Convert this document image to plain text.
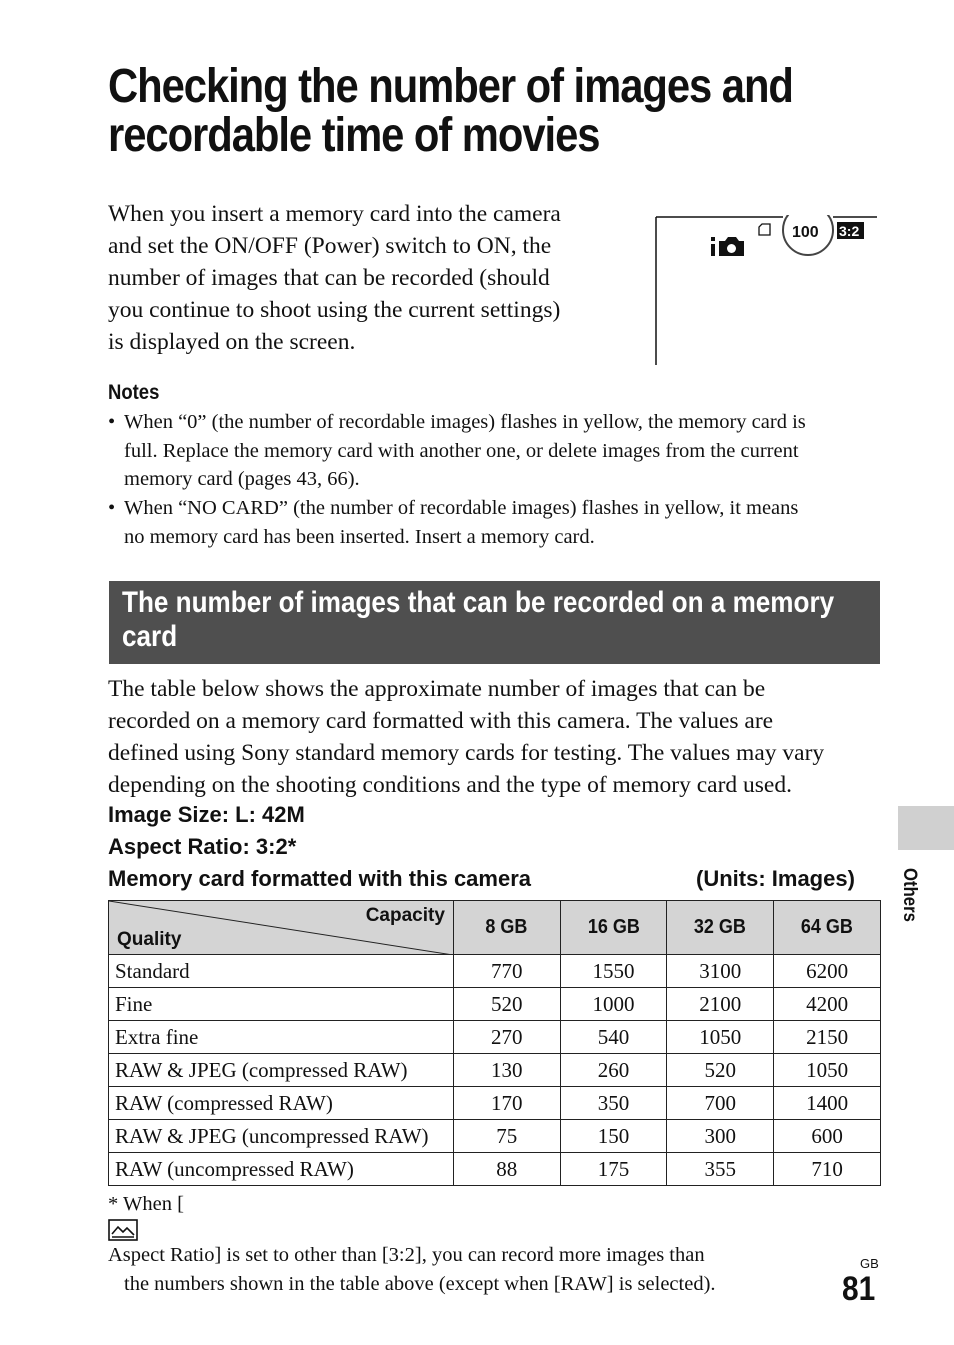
Checking the number of images and
recordable time of movies

When you insert a memory card into the camera
and set the ON/OFF (Power) switch to ON, the
number of images that can be recorded (should
you continue to shoot using the current settings)
is displayed on the screen.

100 3:2
Notes
• When “0” (the number of recordable images) flashes in yellow, the memory card is
full. Replace the memory card with another one, or delete images from the current
memory card (pages 43, 66).
• When “NO CARD” (the number of recordable images) flashes in yellow, it means
no memory card has been inserted. Insert a memory card.
The number of images that can be recorded on a memory
card

The table below shows the approximate number of images that can be
recorded on a memory card formatted with this camera. The values are
defined using Sony standard memory cards for testing. The values may vary
depending on the shooting conditions and the type of memory card used.

Image Size: L: 42M
Aspect Ratio: 3:2*
Memory card formatted with this camera	(Units: Images)
Capacity
Quality	8 GB	16 GB	32 GB	64 GB
Standard	770	1550	3100	6200
Fine	520	1000	2100	4200
Extra fine	270	540	1050	2150
RAW & JPEG (compressed RAW)	130	260	520	1050
RAW (compressed RAW)	170	350	700	1400
RAW & JPEG (uncompressed RAW)	75	150	300	600
RAW (uncompressed RAW)	88	175	355	710

* When [
Aspect Ratio] is set to other than [3:2], you can record more images than
the numbers shown in the table above (except when [RAW] is selected).

Others
GB
81
